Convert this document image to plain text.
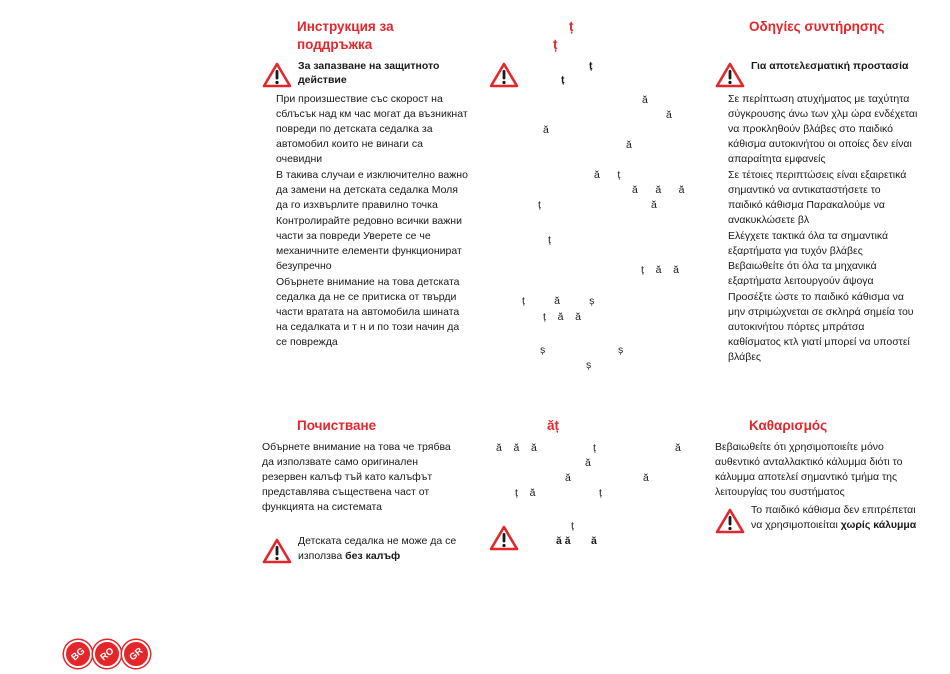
Инструкция за поддръжка
За запазване на защитното действие

При произшествие със скорост на сблъсък над км час могат да възникнат повреди по детската седалка за автомобил които не винаги са очевидни

В такива случаи е изключително важно да замени на детската седалка Моля да го изхвърлите правилно точка

Контролирайте редовно всички важни части за повреди Уверете се че механичните елементи функционират безупречно

Обърнете внимание на това детската седалка да не се притиска от твърди части вратата на автомобила шината на седалката и т н и по този начин да се поврежда

Почистване
Обърнете внимание на това че трябва да използвате само оригинален резервен калъф тъй като калъфът представлява съществена част от функцията на системата
Детската седалка не може да се използва без калъф
ț
ț
ț
ț
ă
ă
ă
ă
ă      ț
ă      ă      ă
ț	ă
ț
ț    ă    ă
ț          ă          ș
ț    ă    ă
ș	ș
ș
ă    ă    ă	ț	ă
ă
ă	ă
ț    ă	ț
ț
ăț
ă ă       ă
Οδηγίες συντήρησης
Για αποτελεσματική προστασία

Σε περίπτωση ατυχήματος με ταχύτητα σύγκρουσης άνω των χλμ ώρα ενδέχεται να προκληθούν βλάβες στο παιδικό κάθισμα αυτοκινήτου οι οποίες δεν είναι απαραίτητα εμφανείς

Σε τέτοιες περιπτώσεις είναι εξαιρετικά σημαντικό να αντικαταστήσετε το παιδικό κάθισμα Παρακαλούμε να ανακυκλώσετε βλ

Ελέγχετε τακτικά όλα τα σημαντικά εξαρτήματα για τυχόν βλάβες Βεβαιωθείτε ότι όλα τα μηχανικά εξαρτήματα λειτουργούν άψογα

Προσέξτε ώστε το παιδικό κάθισμα να μην στριμώχνεται σε σκληρά σημεία του αυτοκινήτου πόρτες μπράτσα καθίσματος κτλ γιατί μπορεί να υποστεί βλάβες

Καθαρισμός
Βεβαιωθείτε ότι χρησιμοποιείτε μόνο αυθεντικό ανταλλακτικό κάλυμμα διότι το κάλυμμα αποτελεί σημαντικό τμήμα της λειτουργίας του συστήματος
Το παιδικό κάθισμα δεν επιτρέπεται να χρησιμοποιείται χωρίς κάλυμμα
BG	RO	GR
